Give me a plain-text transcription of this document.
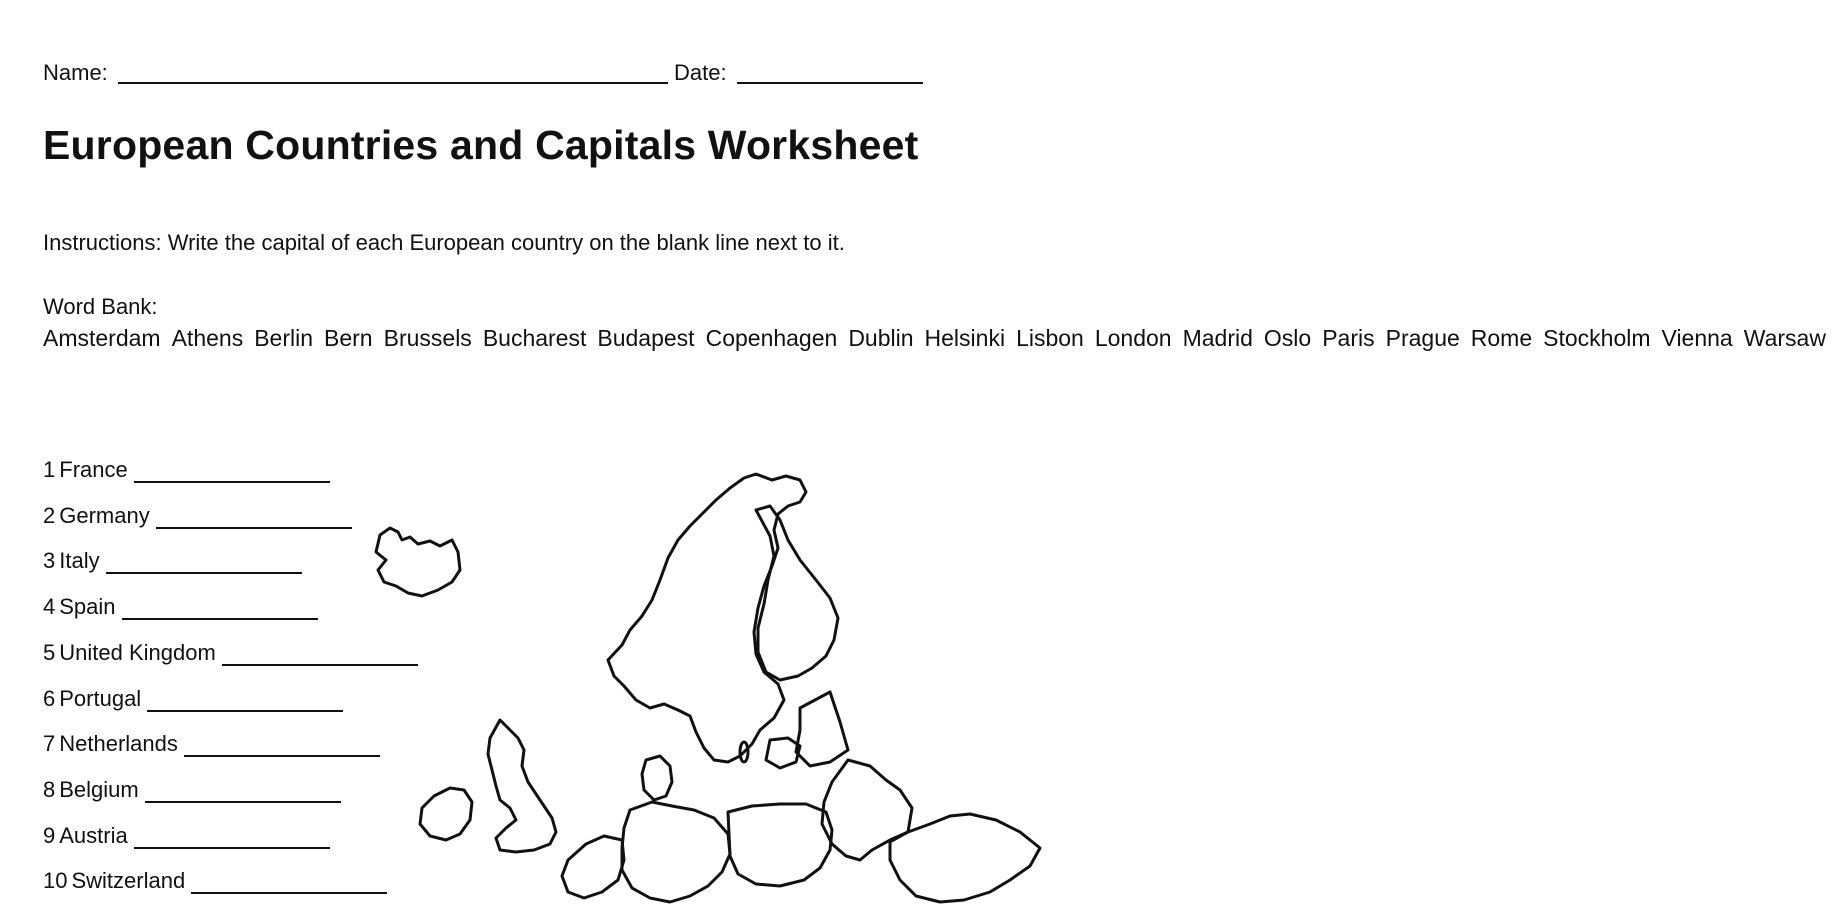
Name:	Date:
European Countries and Capitals Worksheet
Instructions: Write the capital of each European country on the blank line next to it.
Word Bank:
Amsterdam Athens Berlin Bern Brussels Bucharest Budapest Copenhagen Dublin Helsinki Lisbon London Madrid Oslo Paris Prague Rome Stockholm Vienna Warsaw
1 France
2 Germany
3 Italy
4 Spain
5 United Kingdom
6 Portugal
7 Netherlands
8 Belgium
9 Austria
10 Switzerland
